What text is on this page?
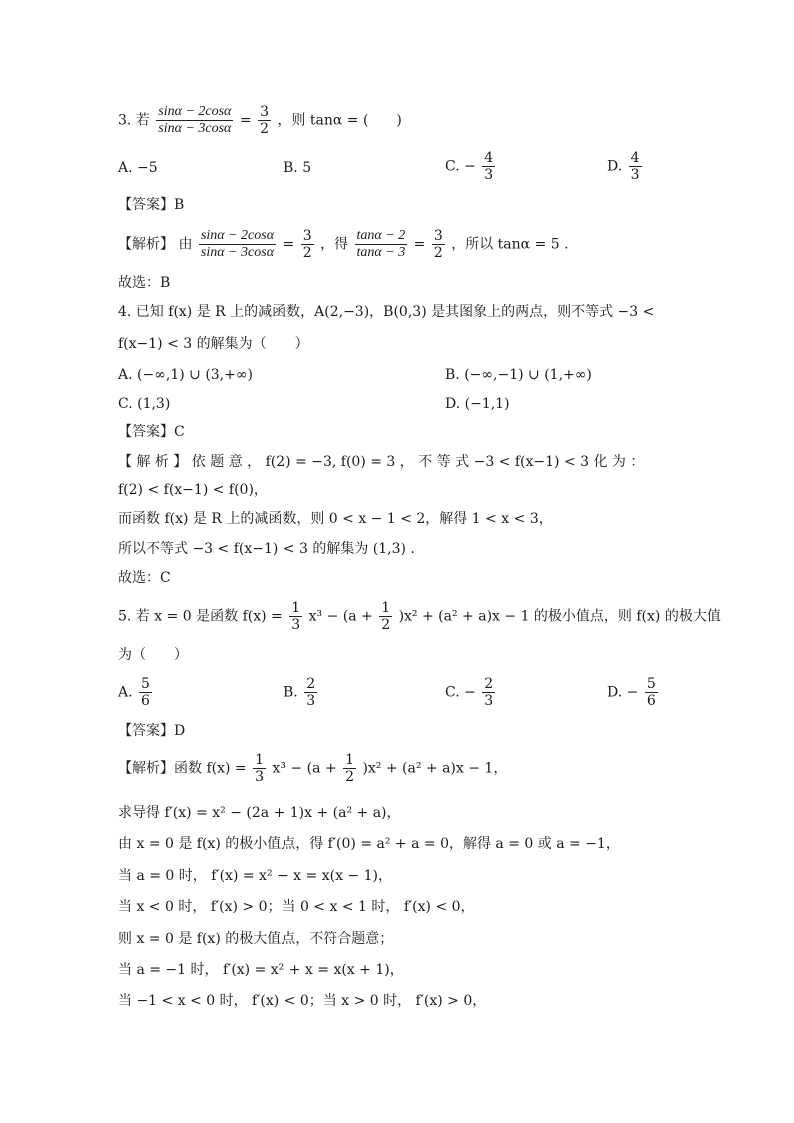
3. 若 $\frac{\sin\alpha - 2\cos\alpha}{\sin\alpha - 3\cos\alpha} = \frac{3}{2}$ ，则 tanα = (　　)
A. −5	B. 5	C. − $\frac{4}{3}$	D. $\frac{4}{3}$
【答案】B
【解析】 由 $\frac{\sin\alpha - 2\cos\alpha}{\sin\alpha - 3\cos\alpha} = \frac{3}{2}$ ，得 $\frac{\tan\alpha - 2}{\tan\alpha - 3} = \frac{3}{2}$ ，所以 tanα = 5 .
故选：B
4. 已知 f(x) 是 R 上的减函数，A(2,−3)，B(0,3) 是其图象上的两点，则不等式 −3 <
f(x−1) < 3 的解集为（　　）
A. (−∞,1) ∪ (3,+∞)	B. (−∞,−1) ∪ (1,+∞)
C. (1,3)	D. (−1,1)
【答案】C
【 解 析 】 依 题 意 ， f(2) = −3, f(0) = 3 ， 不 等 式 −3 < f(x−1) < 3 化 为 ：
f(2) < f(x−1) < f(0)，
而函数 f(x) 是 R 上的减函数，则 0 < x − 1 < 2，解得 1 < x < 3，
所以不等式 −3 < f(x−1) < 3 的解集为 (1,3) .
故选：C
5. 若 x = 0 是函数 $f(x) = \frac{1}{3} x^3 - (a + \frac{1}{2} )x^2 + (a^2 + a)x - 1$ 的极小值点，则 f(x) 的极大值
为（　　）
A. $\frac{5}{6}$	B. $\frac{2}{3}$	C. − $\frac{2}{3}$	D. − $\frac{5}{6}$
【答案】D
【解析】函数 $f(x) = \frac{1}{3} x^3 - (a + \frac{1}{2} )x^2 + (a^2 + a)x - 1$，
求导得 f′(x) = x² − (2a + 1)x + (a² + a)，
由 x = 0 是 f(x) 的极小值点，得 f′(0) = a² + a = 0，解得 a = 0 或 a = −1，
当 a = 0 时， f′(x) = x² − x = x(x − 1)，
当 x < 0 时， f′(x) > 0；当 0 < x < 1 时， f′(x) < 0，
则 x = 0 是 f(x) 的极大值点，不符合题意；
当 a = −1 时， f′(x) = x² + x = x(x + 1)，
当 −1 < x < 0 时， f′(x) < 0；当 x > 0 时， f′(x) > 0，
